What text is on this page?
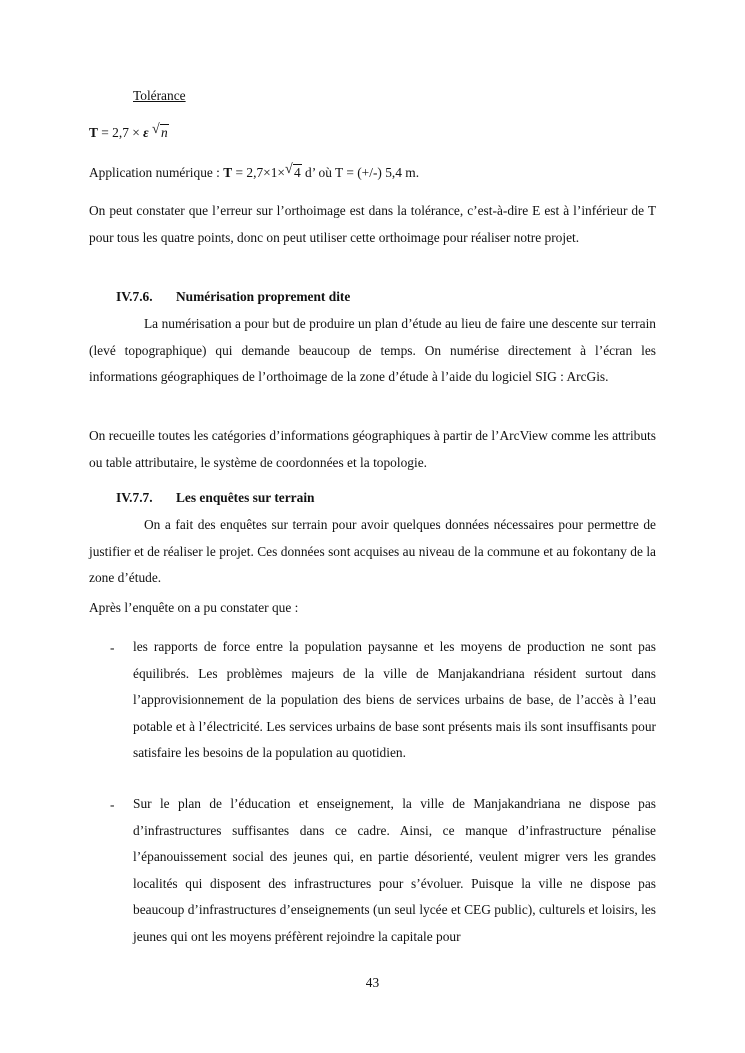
Tolérance
T = 2,7 × ε √ n
Application numérique : T = 2,7×1× √ 4 d’ où T = (+/-) 5,4 m.

On peut constater que l’erreur sur l’orthoimage est dans la tolérance, c’est-à-dire E est à l’inférieur de T pour tous les quatre points, donc on peut utiliser cette orthoimage pour réaliser notre projet.

IV.7.6. Numérisation proprement dite

La numérisation a pour but de produire un plan d’étude au lieu de faire une descente sur terrain (levé topographique) qui demande beaucoup de temps. On numérise directement à l’écran les informations géographiques de l’orthoimage de la zone d’étude à l’aide du logiciel SIG : ArcGis.

On recueille toutes les catégories d’informations géographiques à partir de l’ArcView comme les attributs ou table attributaire, le système de coordonnées et la topologie.

IV.7.7. Les enquêtes sur terrain

On a fait des enquêtes sur terrain pour avoir quelques données nécessaires pour permettre de justifier et de réaliser le projet. Ces données sont acquises au niveau de la commune et au fokontany de la zone d’étude.

Après l’enquête on a pu constater que :

- les rapports de force entre la population paysanne et les moyens de production ne sont pas équilibrés. Les problèmes majeurs de la ville de Manjakandriana résident surtout dans l’approvisionnement de la population des biens de services urbains de base, de l’accès à l’eau potable et à l’électricité. Les services urbains de base sont présents mais ils sont insuffisants pour satisfaire les besoins de la population au quotidien.

- Sur le plan de l’éducation et enseignement, la ville de Manjakandriana ne dispose pas d’infrastructures suffisantes dans ce cadre. Ainsi, ce manque d’infrastructure pénalise l’épanouissement social des jeunes qui, en partie désorienté, veulent migrer vers les grandes localités qui disposent des infrastructures pour s’évoluer. Puisque la ville ne dispose pas beaucoup d’infrastructures d’enseignements (un seul lycée et CEG public), culturels et loisirs, les jeunes qui ont les moyens préfèrent rejoindre la capitale pour

43
